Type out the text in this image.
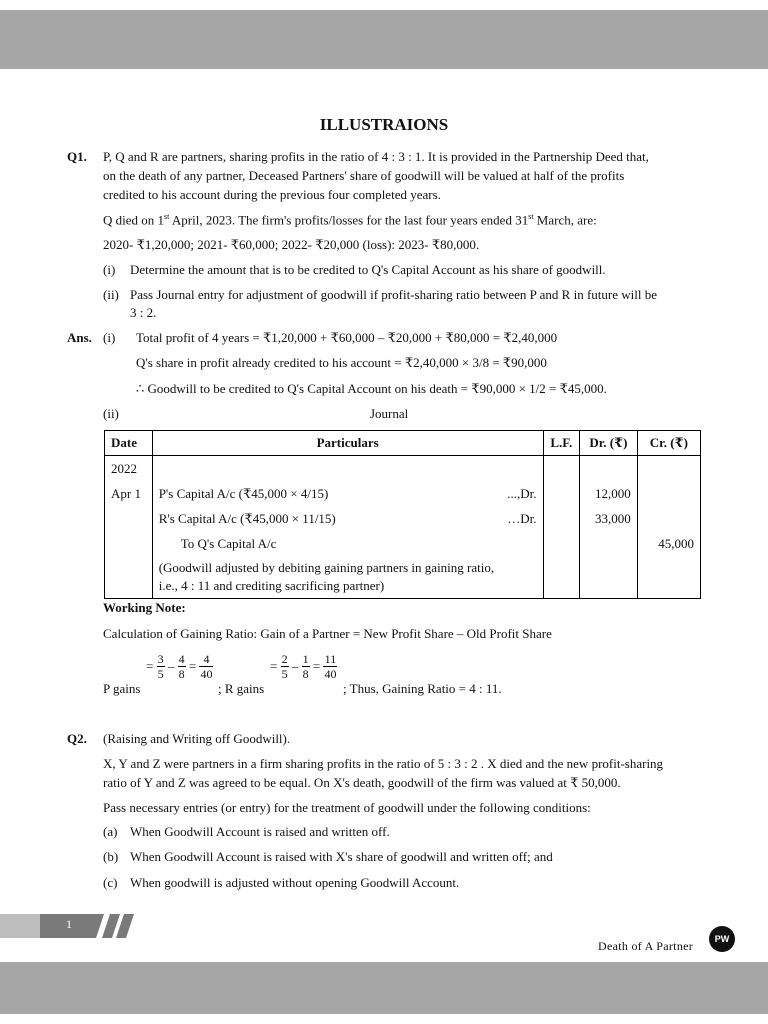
ILLUSTRAIONS
Q1. P, Q and R are partners, sharing profits in the ratio of 4 : 3 : 1. It is provided in the Partnership Deed that,
on the death of any partner, Deceased Partners' share of goodwill will be valued at half of the profits
credited to his account during the previous four completed years.
Q died on 1st April, 2023. The firm's profits/losses for the last four years ended 31st March, are:
2020- ₹1,20,000; 2021- ₹60,000; 2022- ₹20,000 (loss): 2023- ₹80,000.
(i) Determine the amount that is to be credited to Q's Capital Account as his share of goodwill.
(ii) Pass Journal entry for adjustment of goodwill if profit-sharing ratio between P and R in future will be
3 : 2.
Ans. (i) Total profit of 4 years = ₹1,20,000 + ₹60,000 – ₹20,000 + ₹80,000 = ₹2,40,000
Q's share in profit already credited to his account = ₹2,40,000 × 3/8 = ₹90,000
∴ Goodwill to be credited to Q's Capital Account on his death = ₹90,000 × 1/2 = ₹45,000.
(ii)	Journal
Date	Particulars	L.F.	Dr. (₹)	Cr. (₹)
2022				
Apr 1	P's Capital A/c (₹45,000 × 4/15) ...,Dr.		12,000	
	R's Capital A/c (₹45,000 × 11/15) …Dr.		33,000	
	To Q's Capital A/c			45,000

	(Goodwill adjusted by debiting gaining partners in gaining ratio,
i.e., 4 : 11 and crediting sacrificing partner)			

Working Note:
Calculation of Gaining Ratio: Gain of a Partner = New Profit Share – Old Profit Share
P gains
= $\frac{3}{5} - \frac{4}{8} = \frac{4}{40}$
; R gains
= $\frac{2}{5} - \frac{1}{8} = \frac{11}{40}$
; Thus, Gaining Ratio = 4 : 11.
Q2. (Raising and Writing off Goodwill).
X, Y and Z were partners in a firm sharing profits in the ratio of 5 : 3 : 2 . X died and the new profit-sharing
ratio of Y and Z was agreed to be equal. On X's death, goodwill of the firm was valued at ₹ 50,000.
Pass necessary entries (or entry) for the treatment of goodwill under the following conditions:
(a) When Goodwill Account is raised and written off.
(b) When Goodwill Account is raised with X's share of goodwill and written off; and
(c) When goodwill is adjusted without opening Goodwill Account.
1
Death of A Partner	PW
